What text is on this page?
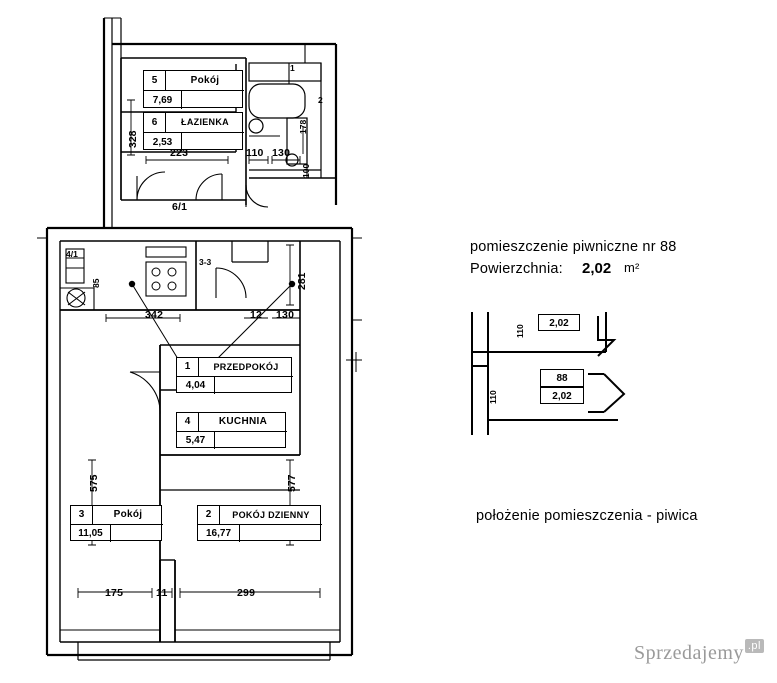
5	Pokój
7,69
6	ŁAZIENKA
2,53
1	PRZEDPOKÓJ
4,04
4	KUCHNIA
5,47
3	Pokój
11,05
2	POKÓJ DZIENNY
16,77
328
223	110 130
178
100
1
2
6/1
4/1
85
3-3
342	12 130
281
575	577
175	11	299
pomieszczenie piwniczne nr 88
Powierzchnia: 2,02 m²
110
2,02
110
88
2,02
położenie pomieszczenia - piwica
Sprzedajemy $^{.pl}$
